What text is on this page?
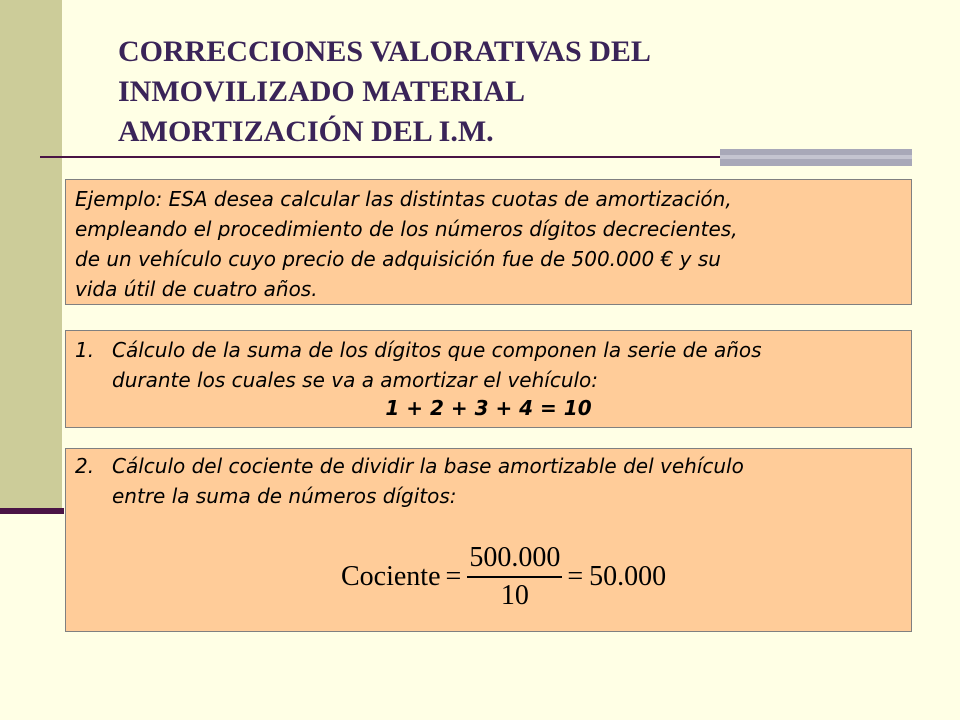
CORRECCIONES VALORATIVAS DEL
INMOVILIZADO MATERIAL
AMORTIZACIÓN DEL I.M.
Ejemplo: ESA desea calcular las distintas cuotas de amortización,
empleando el procedimiento de los números dígitos decrecientes,
de un vehículo cuyo precio de adquisición fue de 500.000 € y su
vida útil de cuatro años.
1. Cálculo de la suma de los dígitos que componen la serie de años
durante los cuales se va a amortizar el vehículo:
1 + 2 + 3 + 4 = 10
2. Cálculo del cociente de dividir la base amortizable del vehículo
entre la suma de números dígitos:
Cociente = $\frac{500.000}{10} = 50.000$
